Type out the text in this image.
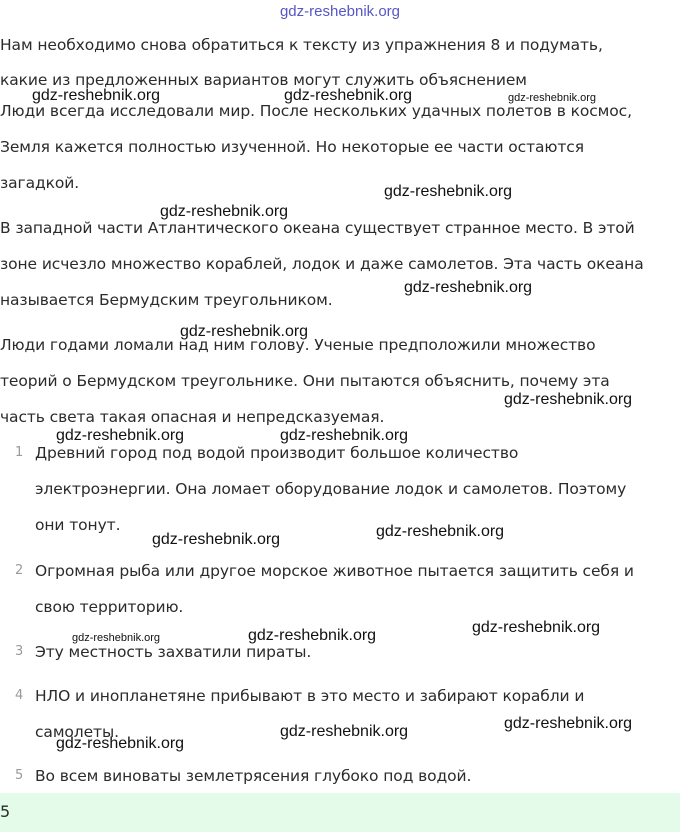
gdz-reshebnik.org
Нам необходимо снова обратиться к тексту из упражнения 8 и подумать,
какие из предложенных вариантов могут служить объяснением
Люди всегда исследовали мир. После нескольких удачных полетов в космос,
Земля кажется полностью изученной. Но некоторые ее части остаются
загадкой.
В западной части Атлантического океана существует странное место. В этой
зоне исчезло множество кораблей, лодок и даже самолетов. Эта часть океана
называется Бермудским треугольником.
Люди годами ломали над ним голову. Ученые предположили множество
теорий о Бермудском треугольнике. Они пытаются объяснить, почему эта
часть света такая опасная и непредсказуемая.
1 Древний город под водой производит большое количество
электроэнергии. Она ломает оборудование лодок и самолетов. Поэтому
они тонут.
2 Огромная рыба или другое морское животное пытается защитить себя и
свою территорию.
3 Эту местность захватили пираты.
4 НЛО и инопланетяне прибывают в это место и забирают корабли и
самолеты.
5 Во всем виноваты землетрясения глубоко под водой.
5
gdz-reshebnik.org	gdz-reshebnik.org	gdz-reshebnik.org
gdz-reshebnik.org
gdz-reshebnik.org
gdz-reshebnik.org
gdz-reshebnik.org
gdz-reshebnik.org
gdz-reshebnik.org	gdz-reshebnik.org
gdz-reshebnik.org
gdz-reshebnik.org
gdz-reshebnik.org
gdz-reshebnik.org	gdz-reshebnik.org
gdz-reshebnik.org
gdz-reshebnik.org
gdz-reshebnik.org
